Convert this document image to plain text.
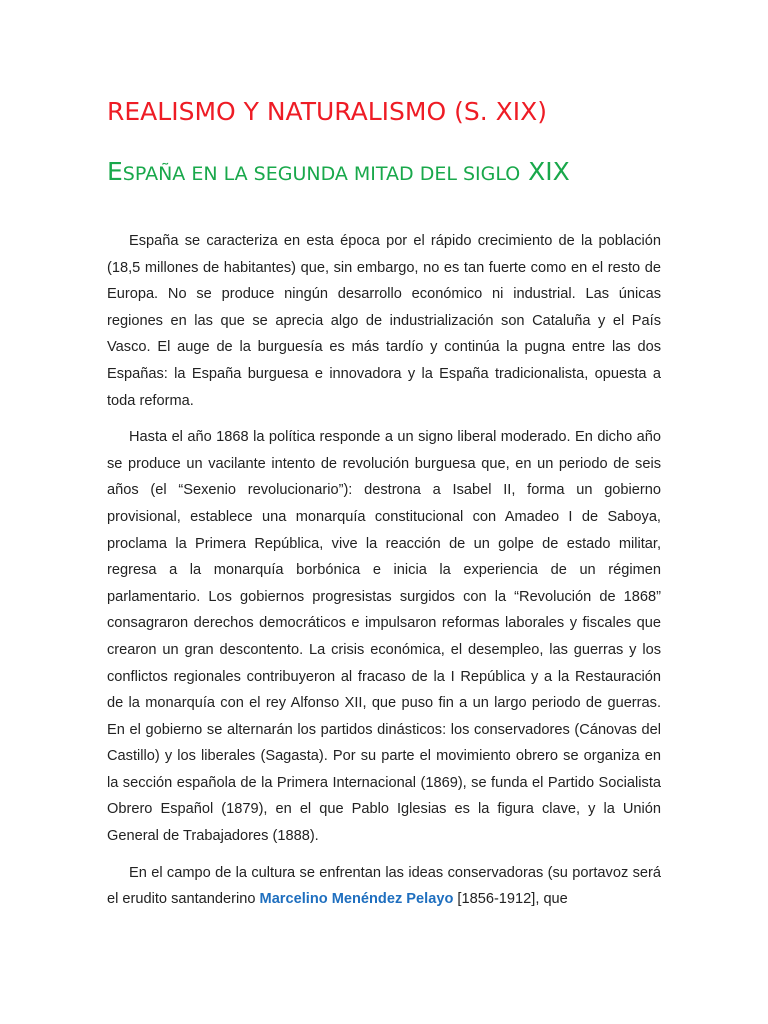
REALISMO Y NATURALISMO (S. XIX)
ESPAÑA EN LA SEGUNDA MITAD DEL SIGLO XIX

España se caracteriza en esta época por el rápido crecimiento de la población (18,5 millones de habitantes) que, sin embargo, no es tan fuerte como en el resto de Europa. No se produce ningún desarrollo económico ni industrial. Las únicas regiones en las que se aprecia algo de industrialización son Cataluña y el País Vasco. El auge de la burguesía es más tardío y continúa la pugna entre las dos Españas: la España burguesa e innovadora y la España tradicionalista, opuesta a toda reforma.

Hasta el año 1868 la política responde a un signo liberal moderado. En dicho año se produce un vacilante intento de revolución burguesa que, en un periodo de seis años (el “Sexenio revolucionario”): destrona a Isabel II, forma un gobierno provisional, establece una monarquía constitucional con Amadeo I de Saboya, proclama la Primera República, vive la reacción de un golpe de estado militar, regresa a la monarquía borbónica e inicia la experiencia de un régimen parlamentario. Los gobiernos progresistas surgidos con la “Revolución de 1868” consagraron derechos democráticos e impulsaron reformas laborales y fiscales que crearon un gran descontento. La crisis económica, el desempleo, las guerras y los conflictos regionales contribuyeron al fracaso de la I República y a la Restauración de la monarquía con el rey Alfonso XII, que puso fin a un largo periodo de guerras. En el gobierno se alternarán los partidos dinásticos: los conservadores (Cánovas del Castillo) y los liberales (Sagasta). Por su parte el movimiento obrero se organiza en la sección española de la Primera Internacional (1869), se funda el Partido Socialista Obrero Español (1879), en el que Pablo Iglesias es la figura clave, y la Unión General de Trabajadores (1888).

En el campo de la cultura se enfrentan las ideas conservadoras (su portavoz será el erudito santanderino Marcelino Menéndez Pelayo [1856-1912], que
